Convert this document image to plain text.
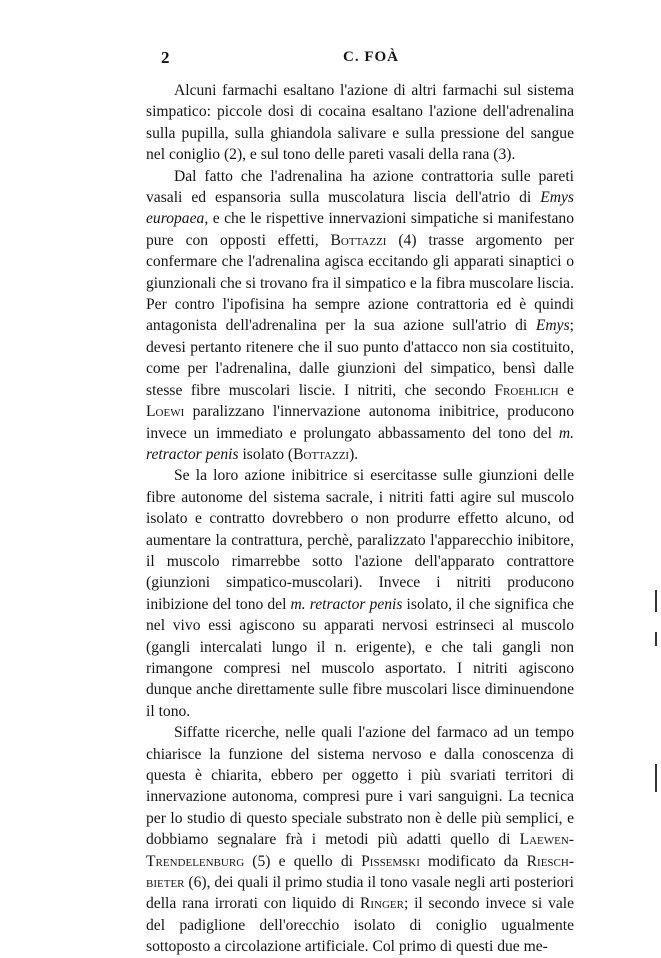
2	C. FOÀ

Alcuni farmachi esaltano l'azione di altri farmachi sul sistema simpatico: piccole dosi di cocaina esaltano l'azione dell'adrenalina sulla pupilla, sulla ghiandola salivare e sulla pressione del sangue nel coniglio (2), e sul tono delle pareti vasali della rana (3).

Dal fatto che l'adrenalina ha azione contrattoria sulle pareti vasali ed espansoria sulla muscolatura liscia dell'atrio di Emys europaea, e che le rispettive innervazioni simpatiche si manifestano pure con opposti effetti, Bottazzi (4) trasse argomento per confermare che l'adrenalina agisca eccitando gli apparati sinaptici o giunzionali che si trovano fra il simpatico e la fibra muscolare liscia. Per contro l'ipofisina ha sempre azione contrattoria ed è quindi antagonista dell'adrenalina per la sua azione sull'atrio di Emys; devesi pertanto ritenere che il suo punto d'attacco non sia costituito, come per l'adrenalina, dalle giunzioni del simpatico, bensì dalle stesse fibre muscolari liscie. I nitriti, che secondo Froehlich e Loewi paralizzano l'innervazione autonoma inibitrice, producono invece un immediato e prolungato abbassamento del tono del m. retractor penis isolato (Bottazzi).

Se la loro azione inibitrice si esercitasse sulle giunzioni delle fibre autonome del sistema sacrale, i nitriti fatti agire sul muscolo isolato e contratto dovrebbero o non produrre effetto alcuno, od aumentare la contrattura, perchè, paralizzato l'apparecchio inibitore, il muscolo rimarrebbe sotto l'azione dell'apparato contrattore (giunzioni simpatico-muscolari). Invece i nitriti producono inibizione del tono del m. retractor penis isolato, il che significa che nel vivo essi agiscono su apparati nervosi estrinseci al muscolo (gangli intercalati lungo il n. erigente), e che tali gangli non rimangone compresi nel muscolo asportato. I nitriti agiscono dunque anche direttamente sulle fibre muscolari lisce diminuendone il tono.

Siffatte ricerche, nelle quali l'azione del farmaco ad un tempo chiarisce la funzione del sistema nervoso e dalla conoscenza di questa è chiarita, ebbero per oggetto i più svariati territori di innervazione autonoma, compresi pure i vari sanguigni. La tecnica per lo studio di questo speciale substrato non è delle più semplici, e dobbiamo segnalare frà i metodi più adatti quello di Laewen-Trendelenburg (5) e quello di Pissemski modificato da Riesch-bieter (6), dei quali il primo studia il tono vasale negli arti posteriori della rana irrorati con liquido di Ringer; il secondo invece si vale del padiglione dell'orecchio isolato di coniglio ugualmente sottoposto a circolazione artificiale. Col primo di questi due me-
